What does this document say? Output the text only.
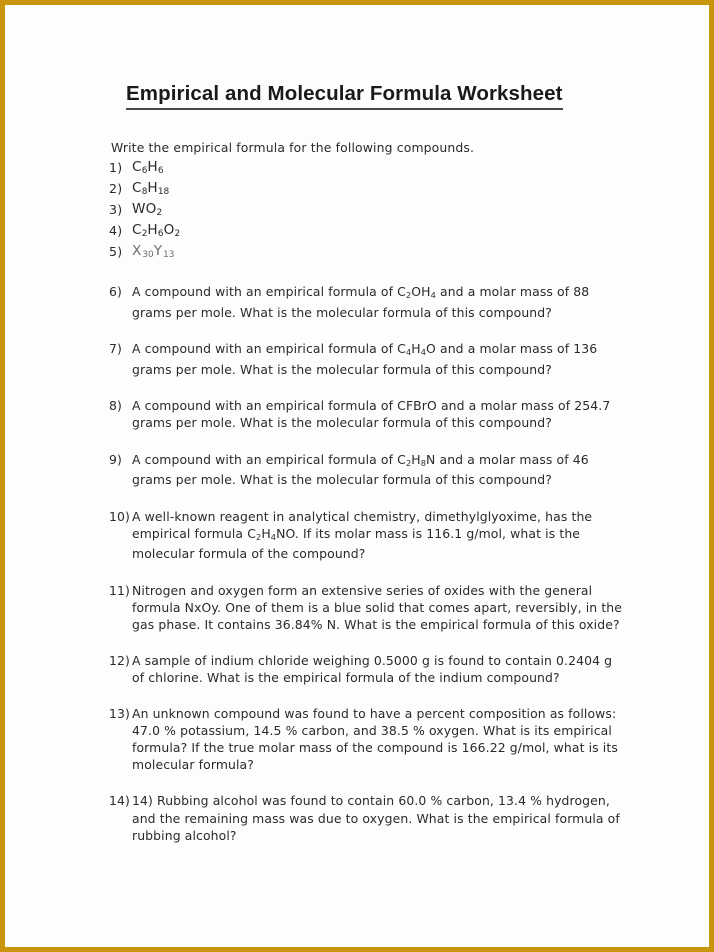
Empirical and Molecular Formula Worksheet

Write the empirical formula for the following compounds.

1) $C_6H_6$
2) $C_8H_{18}$
3) $WO_2$
4) $C_2H_6O_2$
5) $X_{30}Y_{13}$
6) A compound with an empirical formula of $C_2OH_4$ and a molar mass of 88 grams per mole. What is the molecular formula of this compound?
7) A compound with an empirical formula of $C_4H_4O$ and a molar mass of 136 grams per mole. What is the molecular formula of this compound?
8) A compound with an empirical formula of CFBrO and a molar mass of 254.7 grams per mole. What is the molecular formula of this compound?
9) A compound with an empirical formula of $C_2H_8N$ and a molar mass of 46 grams per mole. What is the molecular formula of this compound?
10) A well-known reagent in analytical chemistry, dimethylglyoxime, has the empirical formula $C_2H_4NO$. If its molar mass is 116.1 g/mol, what is the molecular formula of the compound?
11) Nitrogen and oxygen form an extensive series of oxides with the general formula NxOy. One of them is a blue solid that comes apart, reversibly, in the gas phase. It contains 36.84% N. What is the empirical formula of this oxide?
12) A sample of indium chloride weighing 0.5000 g is found to contain 0.2404 g of chlorine. What is the empirical formula of the indium compound?
13) An unknown compound was found to have a percent composition as follows: 47.0 % potassium, 14.5 % carbon, and 38.5 % oxygen. What is its empirical formula? If the true molar mass of the compound is 166.22 g/mol, what is its molecular formula?
14) 14) Rubbing alcohol was found to contain 60.0 % carbon, 13.4 % hydrogen, and the remaining mass was due to oxygen. What is the empirical formula of rubbing alcohol?
